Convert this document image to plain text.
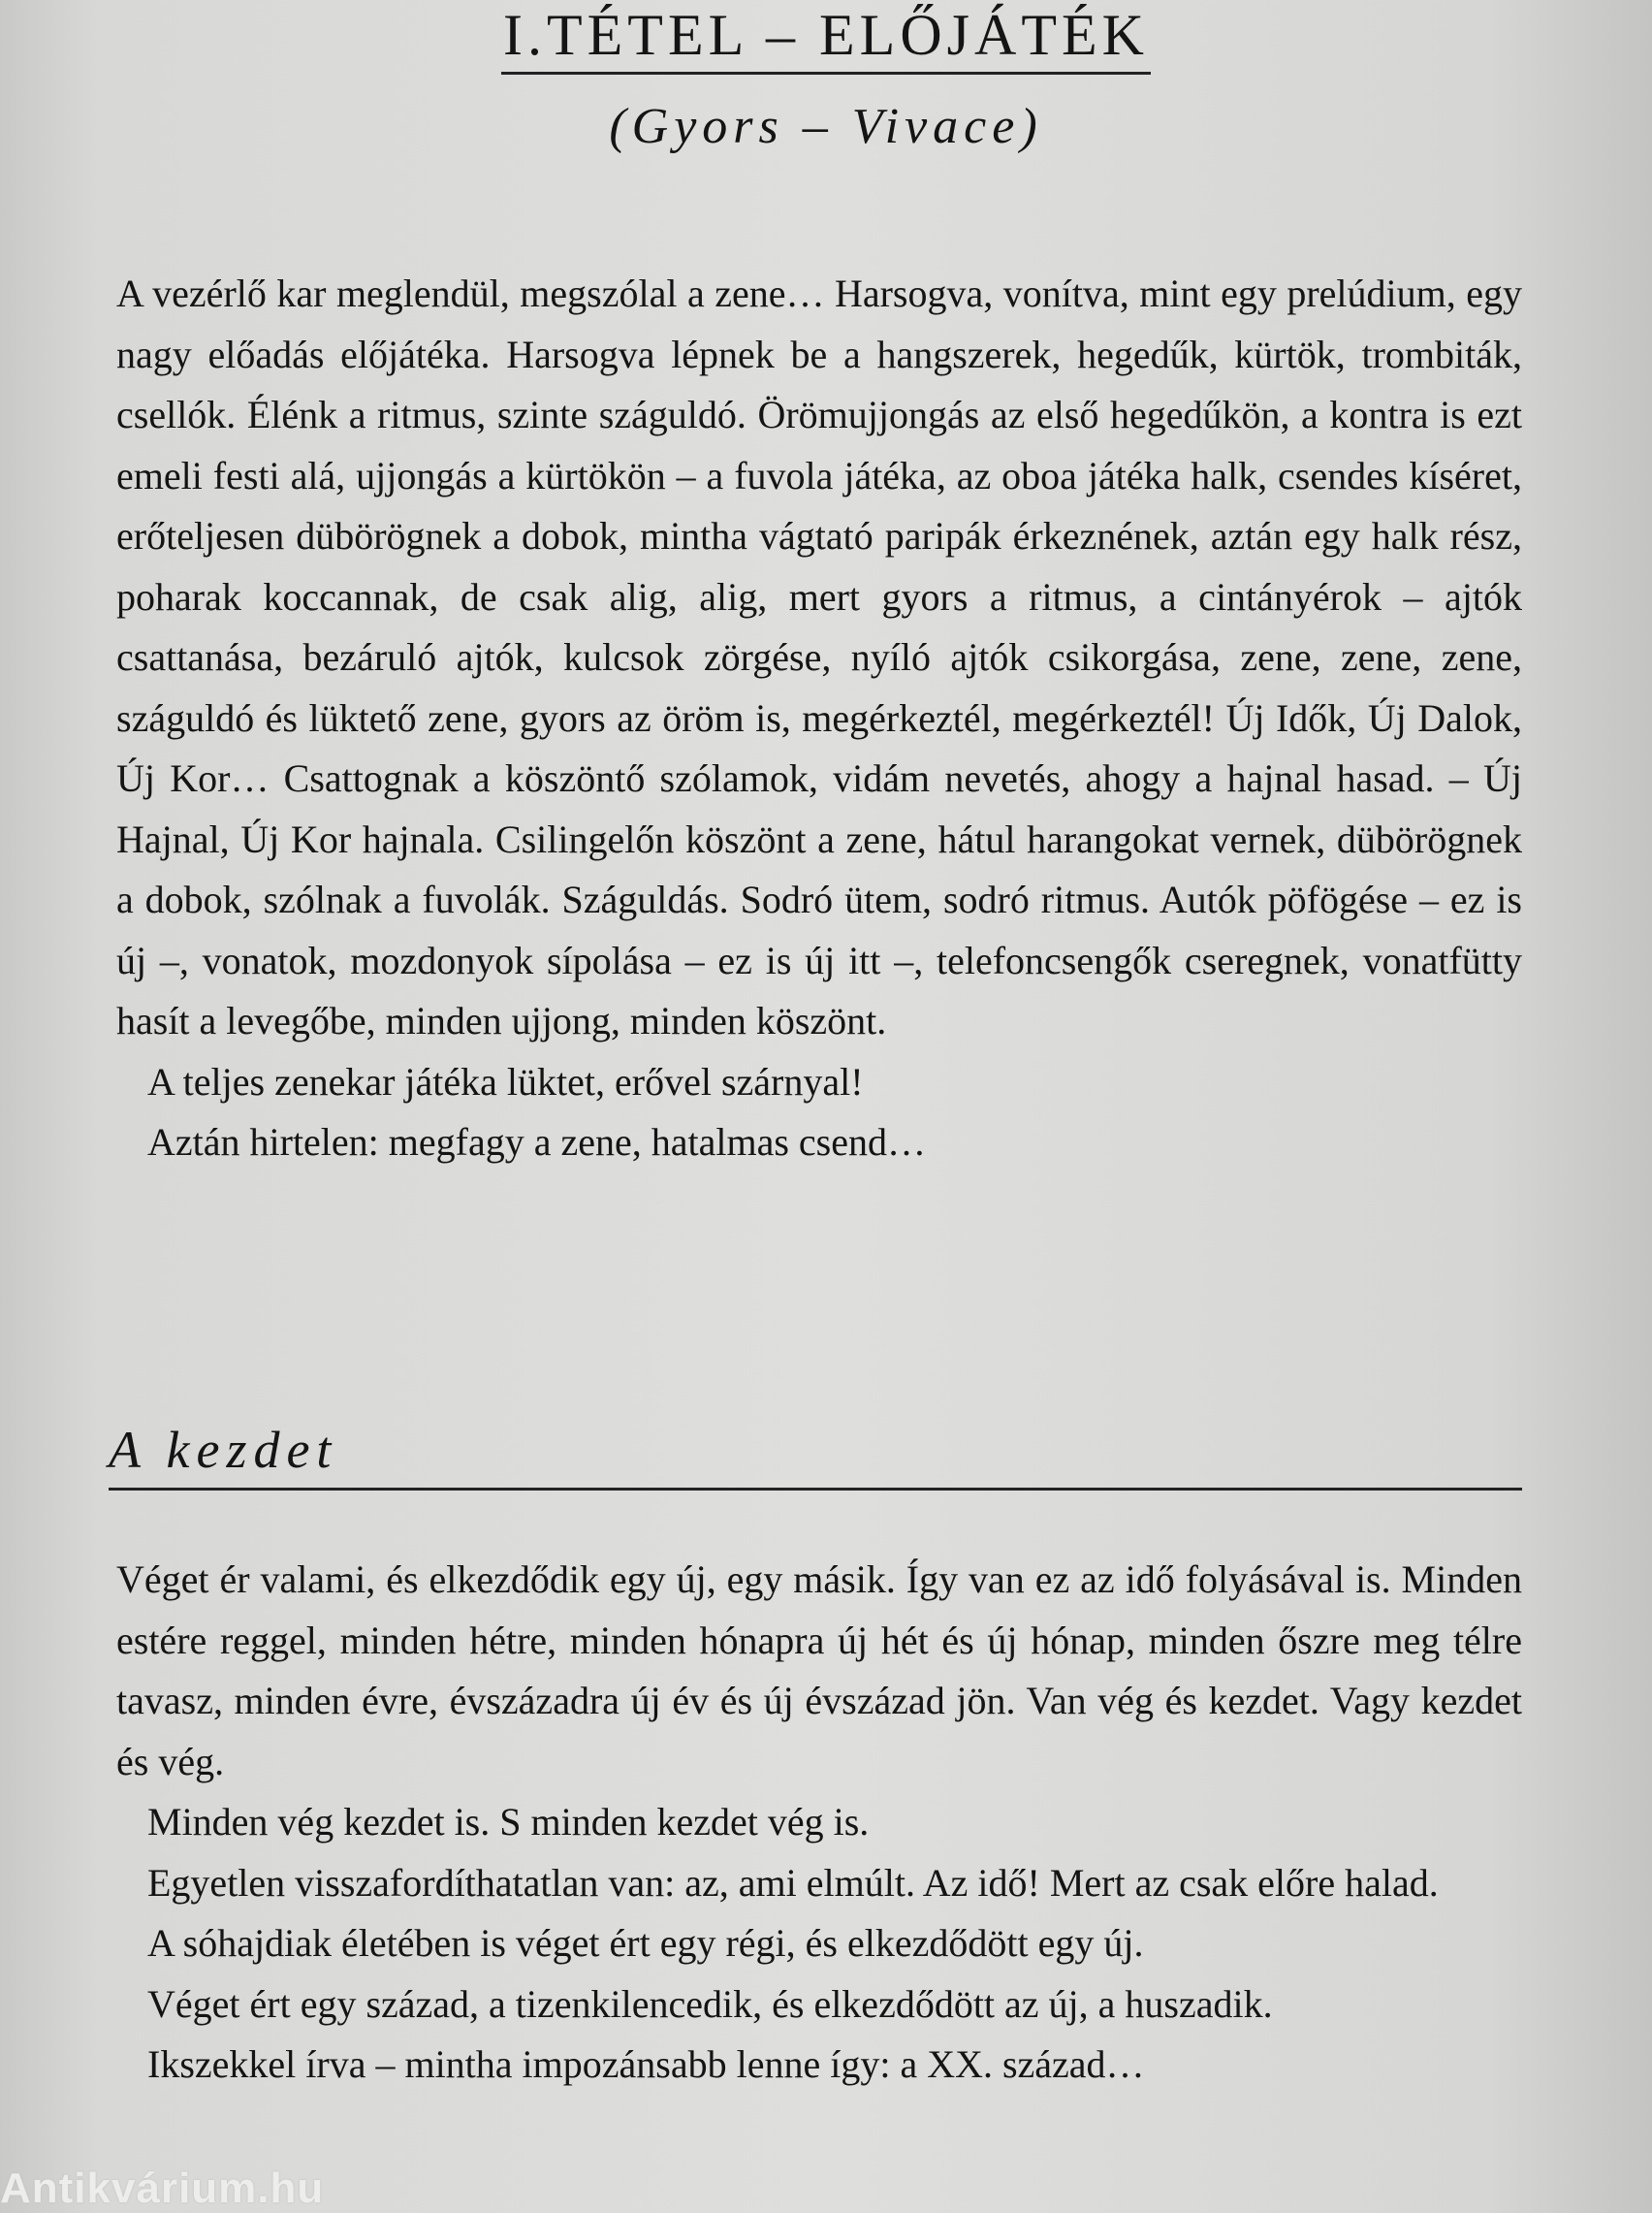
I.TÉTEL – ELŐJÁTÉK
(Gyors – Vivace)

A vezérlő kar meglendül, megszólal a zene… Harsogva, vonítva, mint egy prelúdium, egy nagy előadás előjátéka. Harsogva lépnek be a hangszerek, hegedűk, kürtök, trombiták, csellók. Élénk a ritmus, szinte száguldó. Örömujjongás az első hegedűkön, a kontra is ezt emeli festi alá, ujjongás a kürtökön – a fuvola játéka, az oboa játéka halk, csendes kíséret, erőteljesen dübörögnek a dobok, mintha vágtató paripák érkeznének, aztán egy halk rész, poharak koccannak, de csak alig, alig, mert gyors a ritmus, a cintányérok – ajtók csattanása, bezáruló ajtók, kulcsok zörgése, nyíló ajtók csikorgása, zene, zene, zene, száguldó és lüktető zene, gyors az öröm is, megérkeztél, megérkeztél! Új Idők, Új Dalok, Új Kor… Csattognak a köszöntő szólamok, vidám nevetés, ahogy a hajnal hasad. – Új Hajnal, Új Kor hajnala. Csilingelőn köszönt a zene, hátul harangokat vernek, dübörögnek a dobok, szólnak a fuvolák. Száguldás. Sodró ütem, sodró ritmus. Autók pöfögése – ez is új –, vonatok, mozdonyok sípolása – ez is új itt –, telefoncsengők cseregnek, vonatfütty hasít a levegőbe, minden ujjong, minden köszönt.

A teljes zenekar játéka lüktet, erővel szárnyal!

Aztán hirtelen: megfagy a zene, hatalmas csend…

A kezdet

Véget ér valami, és elkezdődik egy új, egy másik. Így van ez az idő folyásával is. Minden estére reggel, minden hétre, minden hónapra új hét és új hónap, minden őszre meg télre tavasz, minden évre, évszázadra új év és új évszázad jön. Van vég és kezdet. Vagy kezdet és vég.

Minden vég kezdet is. S minden kezdet vég is.

Egyetlen visszafordíthatatlan van: az, ami elmúlt. Az idő! Mert az csak előre halad.

A sóhajdiak életében is véget ért egy régi, és elkezdődött egy új.

Véget ért egy század, a tizenkilencedik, és elkezdődött az új, a huszadik.

Ikszekkel írva – mintha impozánsabb lenne így: a XX. század…

Antikvárium.hu
